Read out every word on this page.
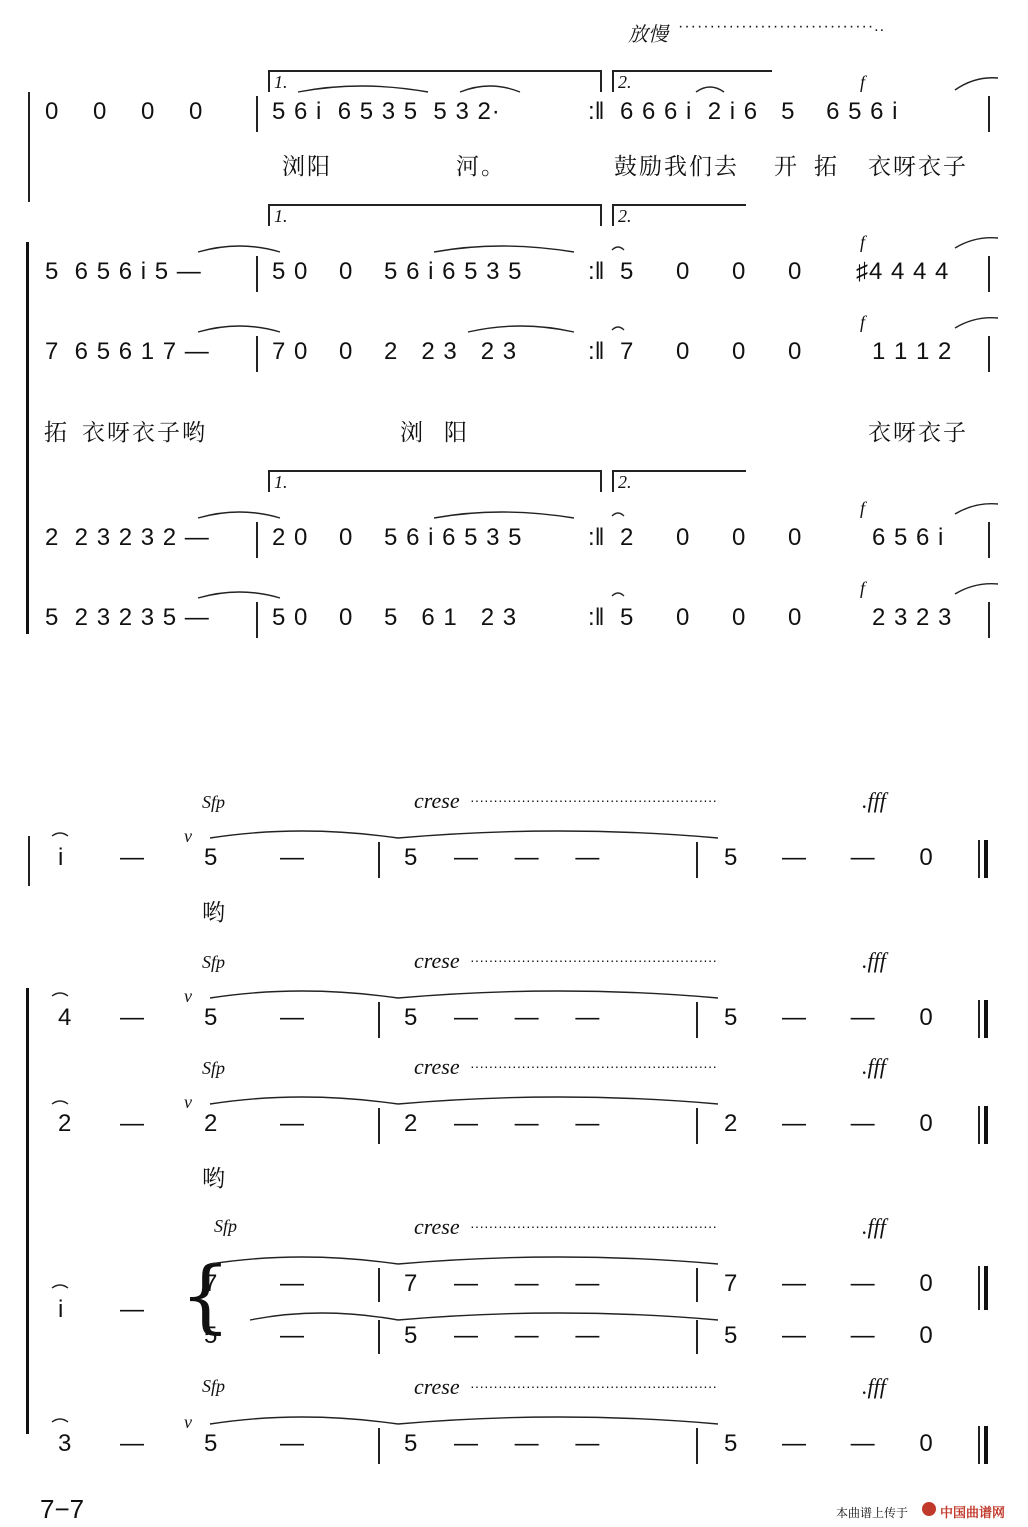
放慢 ·······························..
0 0 0 0	5 6 i  6 5 3 5  5 3 2·	:‖ 6 6 6 i  2 i 6   5    6 5 6 i
1.	2.	f
浏阳	河。	鼓励我们去 开 拓 衣呀衣子
1.	2.
5  6 5 6 i 5 —	5 0    0    5 6 i 6 5 3 5	:‖ 5 0 0 0 ♯4 4 4 4
f
7  6 5 6 1 7 —	7 0    0    2   2 3   2 3	:‖ 7 0 0 0	1 1 1 2
f
拓 衣呀衣子哟	浏 阳	衣呀衣子
1.	2.
2  2 3 2 3 2 —	2 0    0    5 6 i 6 5 3 5	:‖ 2 0 0 0	6 5 6 i
f
5  2 3 2 3 5 —	5 0    0    5   6 1   2 3	:‖ 5 0 0 0	2 3 2 3
f
Sfp	crese ·····················································	.fff
i —
v
5 —	5 — — —	5 — — 0
哟
Sfp	crese ·····················································	.fff
4 —
v
5 —	5 — — —	5 — — 0
Sfp	crese ·····················································	.fff
2 —
v
2 —	2 — — —	2 — — 0
哟
Sfp	crese ·····················································	.fff
i — {
7 —	7 — — —	7 — — 0
5 —	5 — — —	5 — — 0
Sfp	crese ·····················································	.fff
3 —
v
5 —	5 — — —	5 — — 0
7−7	本曲谱上传于 中国曲谱网
